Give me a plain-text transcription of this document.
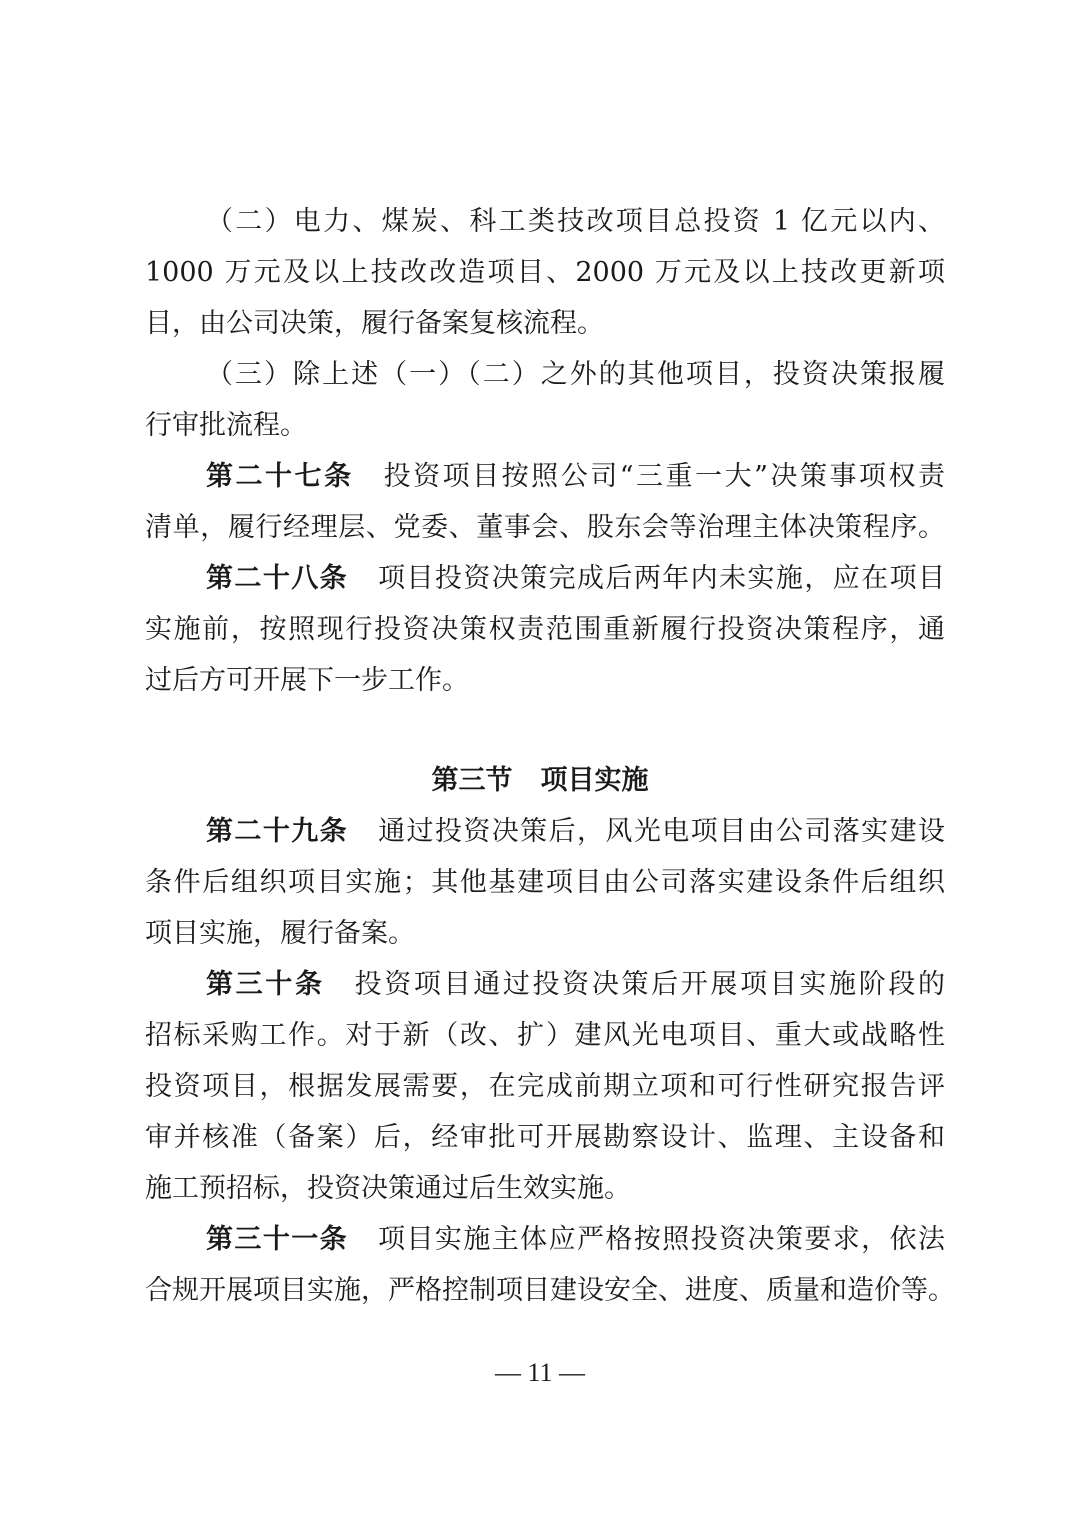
（二）电力、煤炭、科工类技改项目总投资 1 亿元以内、
1000 万元及以上技改改造项目、2000 万元及以上技改更新项
目，由公司决策，履行备案复核流程。
（三）除上述（一）（二）之外的其他项目，投资决策报履
行审批流程。
第二十七条 投资项目按照公司“三重一大”决策事项权责
清单，履行经理层、党委、董事会、股东会等治理主体决策程序。
第二十八条 项目投资决策完成后两年内未实施，应在项目
实施前，按照现行投资决策权责范围重新履行投资决策程序，通
过后方可开展下一步工作。
第三节 项目实施
第二十九条 通过投资决策后，风光电项目由公司落实建设
条件后组织项目实施；其他基建项目由公司落实建设条件后组织
项目实施，履行备案。
第三十条 投资项目通过投资决策后开展项目实施阶段的
招标采购工作。对于新（改、扩）建风光电项目、重大或战略性
投资项目，根据发展需要，在完成前期立项和可行性研究报告评
审并核准（备案）后，经审批可开展勘察设计、监理、主设备和
施工预招标，投资决策通过后生效实施。
第三十一条 项目实施主体应严格按照投资决策要求，依法
合规开展项目实施，严格控制项目建设安全、进度、质量和造价等。
— 11 —
